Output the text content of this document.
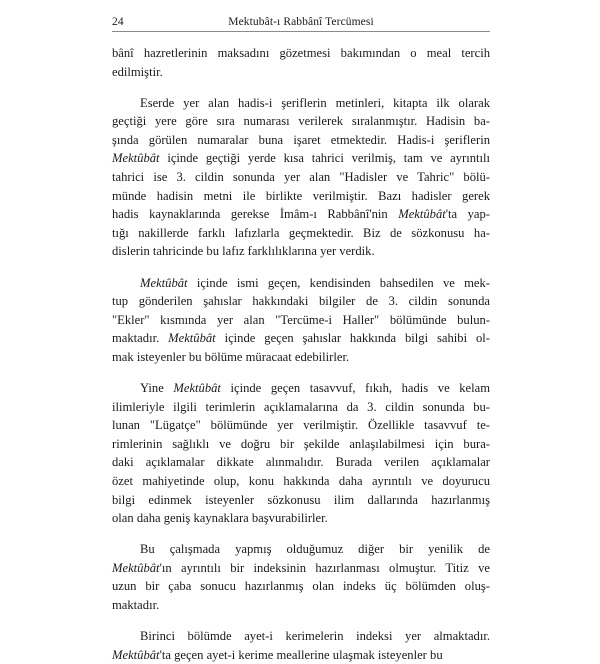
24	Mektubât-ı Rabbânî Tercümesi

bânî hazretlerinin maksadını gözetmesi bakımından o meal tercih
edilmiştir.

Eserde yer alan hadis-i şeriflerin metinleri, kitapta ilk olarak
geçtiği yere göre sıra numarası verilerek sıralanmıştır. Hadisin ba-
şında görülen numaralar buna işaret etmektedir. Hadis-i şeriflerin
Mektûbât içinde geçtiği yerde kısa tahrici verilmiş, tam ve ayrıntılı
tahrici ise 3. cildin sonunda yer alan "Hadisler ve Tahric" bölü-
münde hadisin metni ile birlikte verilmiştir. Bazı hadisler gerek
hadis kaynaklarında gerekse İmâm-ı Rabbânî'nin Mektûbât'ta yap-
tığı nakillerde farklı lafızlarla geçmektedir. Biz de sözkonusu ha-
dislerin tahricinde bu lafız farklılıklarına yer verdik.

Mektûbât içinde ismi geçen, kendisinden bahsedilen ve mek-
tup gönderilen şahıslar hakkındaki bilgiler de 3. cildin sonunda
"Ekler" kısmında yer alan "Tercüme-i Haller" bölümünde bulun-
maktadır. Mektûbât içinde geçen şahıslar hakkında bilgi sahibi ol-
mak isteyenler bu bölüme müracaat edebilirler.

Yine Mektûbât içinde geçen tasavvuf, fıkıh, hadis ve kelam
ilimleriyle ilgili terimlerin açıklamalarına da 3. cildin sonunda bu-
lunan "Lügatçe" bölümünde yer verilmiştir. Özellikle tasavvuf te-
rimlerinin sağlıklı ve doğru bir şekilde anlaşılabilmesi için bura-
daki açıklamalar dikkate alınmalıdır. Burada verilen açıklamalar
özet mahiyetinde olup, konu hakkında daha ayrıntılı ve doyurucu
bilgi edinmek isteyenler sözkonusu ilim dallarında hazırlanmış
olan daha geniş kaynaklara başvurabilirler.

Bu çalışmada yapmış olduğumuz diğer bir yenilik de
Mektûbât'ın ayrıntılı bir indeksinin hazırlanması olmuştur. Titiz ve
uzun bir çaba sonucu hazırlanmış olan indeks üç bölümden oluş-
maktadır.

Birinci bölümde ayet-i kerimelerin indeksi yer almaktadır.
Mektûbât'ta geçen ayet-i kerime meallerine ulaşmak isteyenler bu
